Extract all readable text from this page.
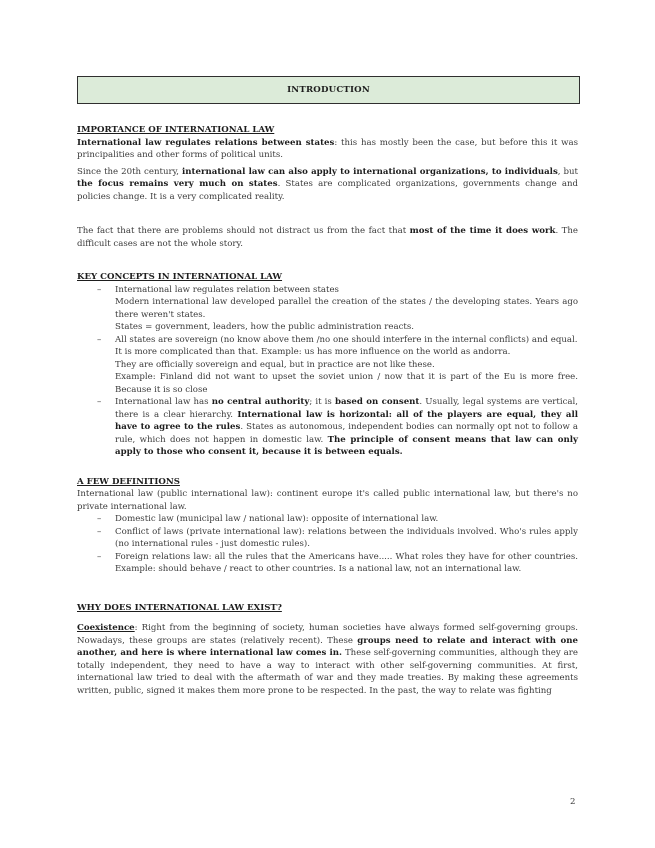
INTRODUCTION

IMPORTANCE OF INTERNATIONAL LAW

International law regulates relations between states: this has mostly been the case, but before this it was principalities and other forms of political units.

Since the 20th century, international law can also apply to international organizations, to individuals, but the focus remains very much on states. States are complicated organizations, governments change and policies change. It is a very complicated reality.

The fact that there are problems should not distract us from the fact that most of the time it does work. The difficult cases are not the whole story.

KEY CONCEPTS IN INTERNATIONAL LAW

– International law regulates relation between states
Modern international law developed parallel the creation of the states / the developing states. Years ago there weren't states.
States = government, leaders, how the public administration reacts.
– All states are sovereign (no know above them /no one should interfere in the internal conflicts) and equal.
It is more complicated than that. Example: us has more influence on the world as andorra.
They are officially sovereign and equal, but in practice are not like these.
Example: Finland did not want to upset the soviet union / now that it is part of the Eu is more free. Because it is so close
– International law has no central authority; it is based on consent. Usually, legal systems are vertical, there is a clear hierarchy. International law is horizontal: all of the players are equal, they all have to agree to the rules. States as autonomous, independent bodies can normally opt not to follow a rule, which does not happen in domestic law. The principle of consent means that law can only apply to those who consent it, because it is between equals.

A FEW DEFINITIONS

International law (public international law): continent europe it's called public international law, but there's no private international law.

– Domestic law (municipal law / national law): opposite of international law.
– Conflict of laws (private international law): relations between the individuals involved. Who's rules apply (no international rules - just domestic rules).
– Foreign relations law: all the rules that the Americans have..... What roles they have for other countries. Example: should behave / react to other countries. Is a national law, not an international law.

WHY DOES INTERNATIONAL LAW EXIST?

Coexistence: Right from the beginning of society, human societies have always formed self-governing groups. Nowadays, these groups are states (relatively recent). These groups need to relate and interact with one another, and here is where international law comes in. These self-governing communities, although they are totally independent, they need to have a way to interact with other self-governing communities. At first, international law tried to deal with the aftermath of war and they made treaties. By making these agreements written, public, signed it makes them more prone to be respected. In the past, the way to relate was fighting

2
